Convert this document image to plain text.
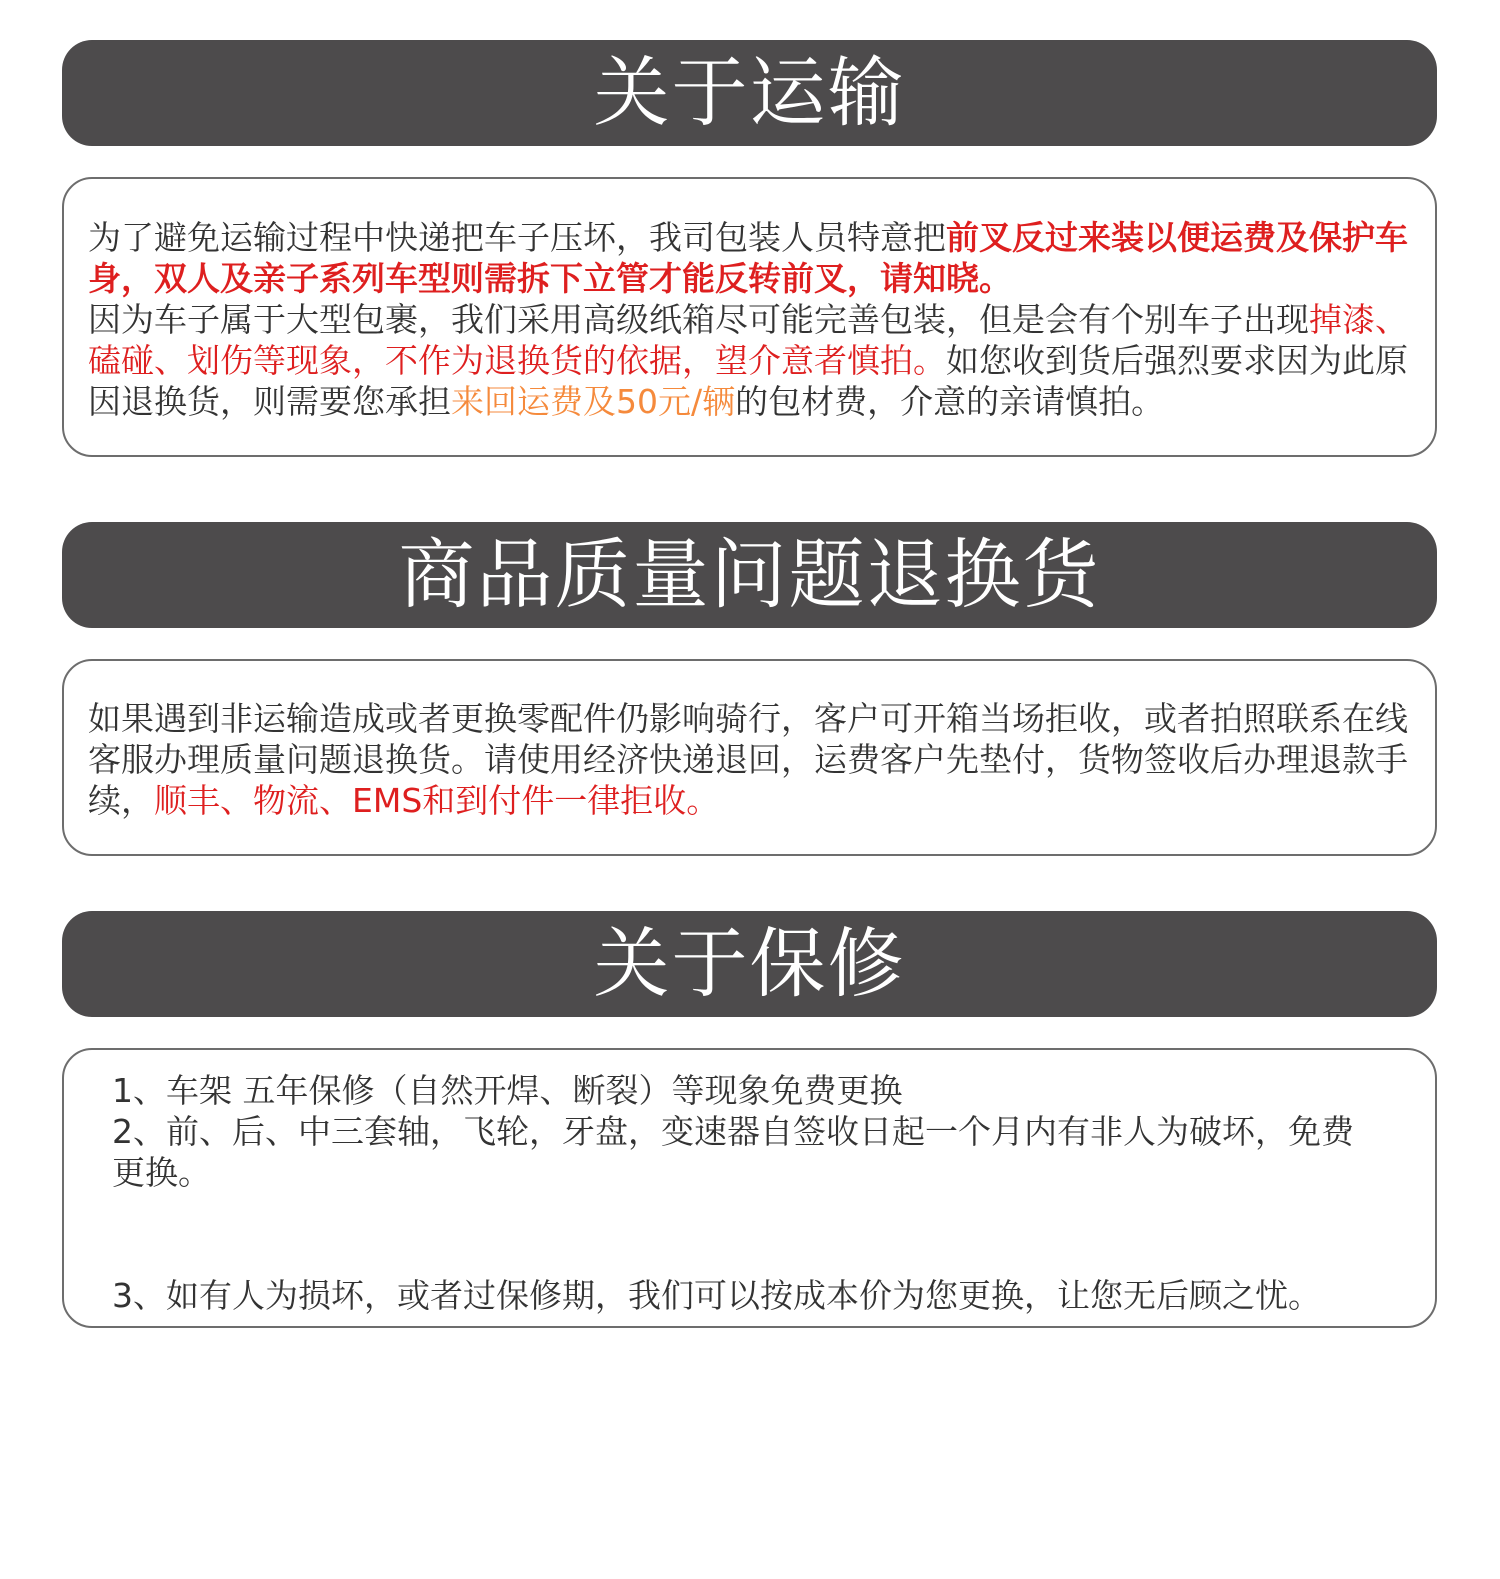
关于运输

为了避免运输过程中快递把车子压坏，我司包装人员特意把前叉反过来装以便运费及保护车身，双人及亲子系列车型则需拆下立管才能反转前叉，请知晓。

因为车子属于大型包裹，我们采用高级纸箱尽可能完善包装，但是会有个别车子出现掉漆、磕碰、划伤等现象，不作为退换货的依据，望介意者慎拍。如您收到货后强烈要求因为此原因退换货，则需要您承担来回运费及50元/辆的包材费，介意的亲请慎拍。

商品质量问题退换货

如果遇到非运输造成或者更换零配件仍影响骑行，客户可开箱当场拒收，或者拍照联系在线客服办理质量问题退换货。请使用经济快递退回，运费客户先垫付，货物签收后办理退款手续，顺丰、物流、EMS和到付件一律拒收。

关于保修

1、车架 五年保修（自然开焊、断裂）等现象免费更换

2、前、后、中三套轴，飞轮，牙盘，变速器自签收日起一个月内有非人为破坏，免费更换。

3、如有人为损坏，或者过保修期，我们可以按成本价为您更换，让您无后顾之忧。
